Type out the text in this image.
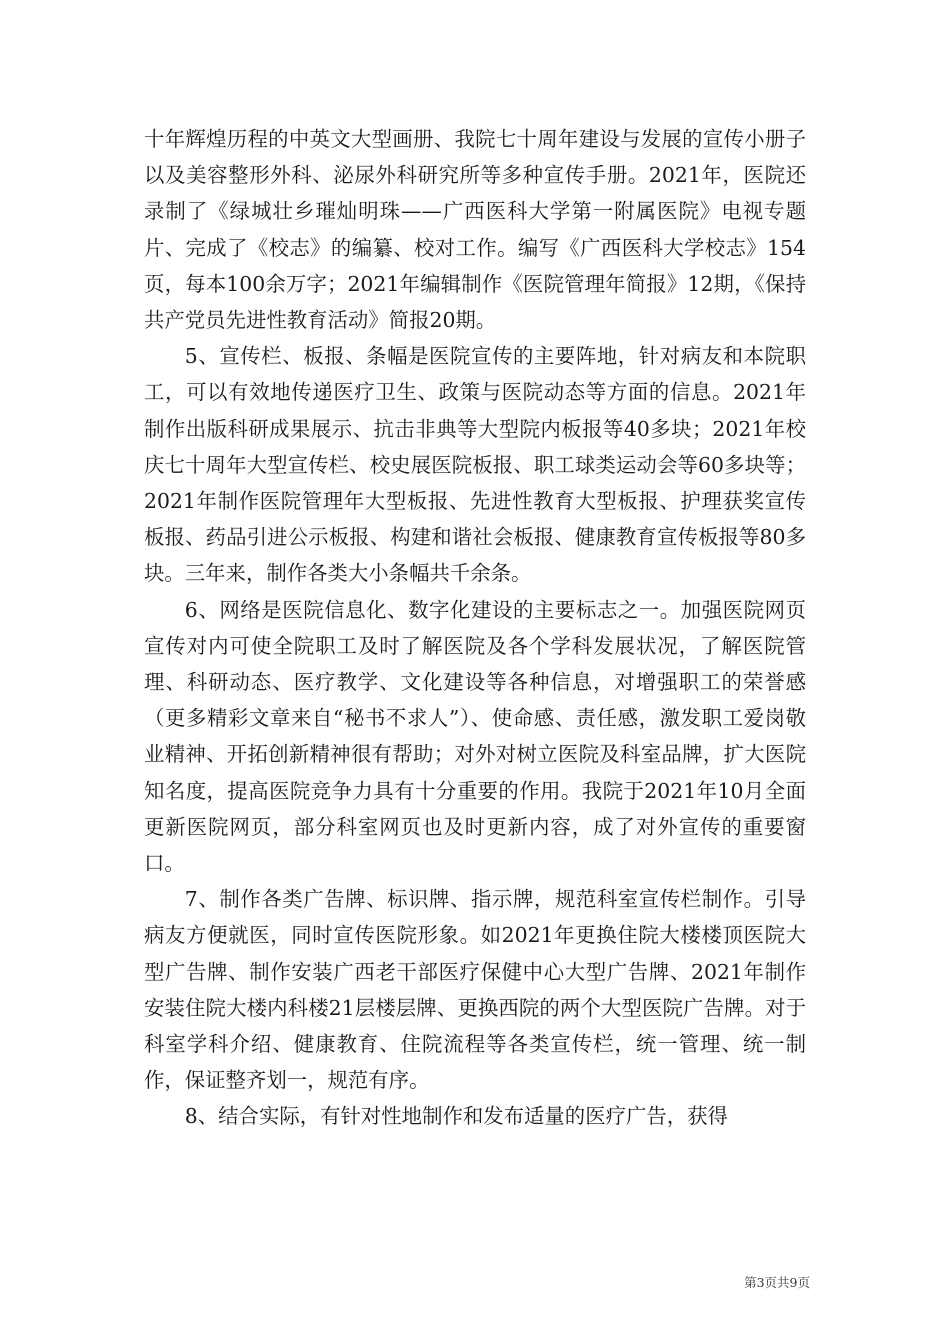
十年辉煌历程的中英文大型画册、我院七十周年建设与发展的宣传小册子以及美容整形外科、泌尿外科研究所等多种宣传手册。2021年，医院还录制了《绿城壮乡璀灿明珠——广西医科大学第一附属医院》电视专题片、完成了《校志》的编纂、校对工作。编写《广西医科大学校志》154页，每本100余万字；2021年编辑制作《医院管理年简报》12期，《保持共产党员先进性教育活动》简报20期。

5、宣传栏、板报、条幅是医院宣传的主要阵地，针对病友和本院职工，可以有效地传递医疗卫生、政策与医院动态等方面的信息。2021年制作出版科研成果展示、抗击非典等大型院内板报等40多块；2021年校庆七十周年大型宣传栏、校史展医院板报、职工球类运动会等60多块等；2021年制作医院管理年大型板报、先进性教育大型板报、护理获奖宣传板报、药品引进公示板报、构建和谐社会板报、健康教育宣传板报等80多块。三年来，制作各类大小条幅共千余条。

6、网络是医院信息化、数字化建设的主要标志之一。加强医院网页宣传对内可使全院职工及时了解医院及各个学科发展状况，了解医院管理、科研动态、医疗教学、文化建设等各种信息，对增强职工的荣誉感（更多精彩文章来自“秘书不求人”）、使命感、责任感，激发职工爱岗敬业精神、开拓创新精神很有帮助；对外对树立医院及科室品牌，扩大医院知名度，提高医院竞争力具有十分重要的作用。我院于2021年10月全面更新医院网页，部分科室网页也及时更新内容，成了对外宣传的重要窗口。

7、制作各类广告牌、标识牌、指示牌，规范科室宣传栏制作。引导病友方便就医，同时宣传医院形象。如2021年更换住院大楼楼顶医院大型广告牌、制作安装广西老干部医疗保健中心大型广告牌、2021年制作安装住院大楼内科楼21层楼层牌、更换西院的两个大型医院广告牌。对于科室学科介绍、健康教育、住院流程等各类宣传栏，统一管理、统一制作，保证整齐划一，规范有序。

8、结合实际，有针对性地制作和发布适量的医疗广告，获得

第3页共9页
